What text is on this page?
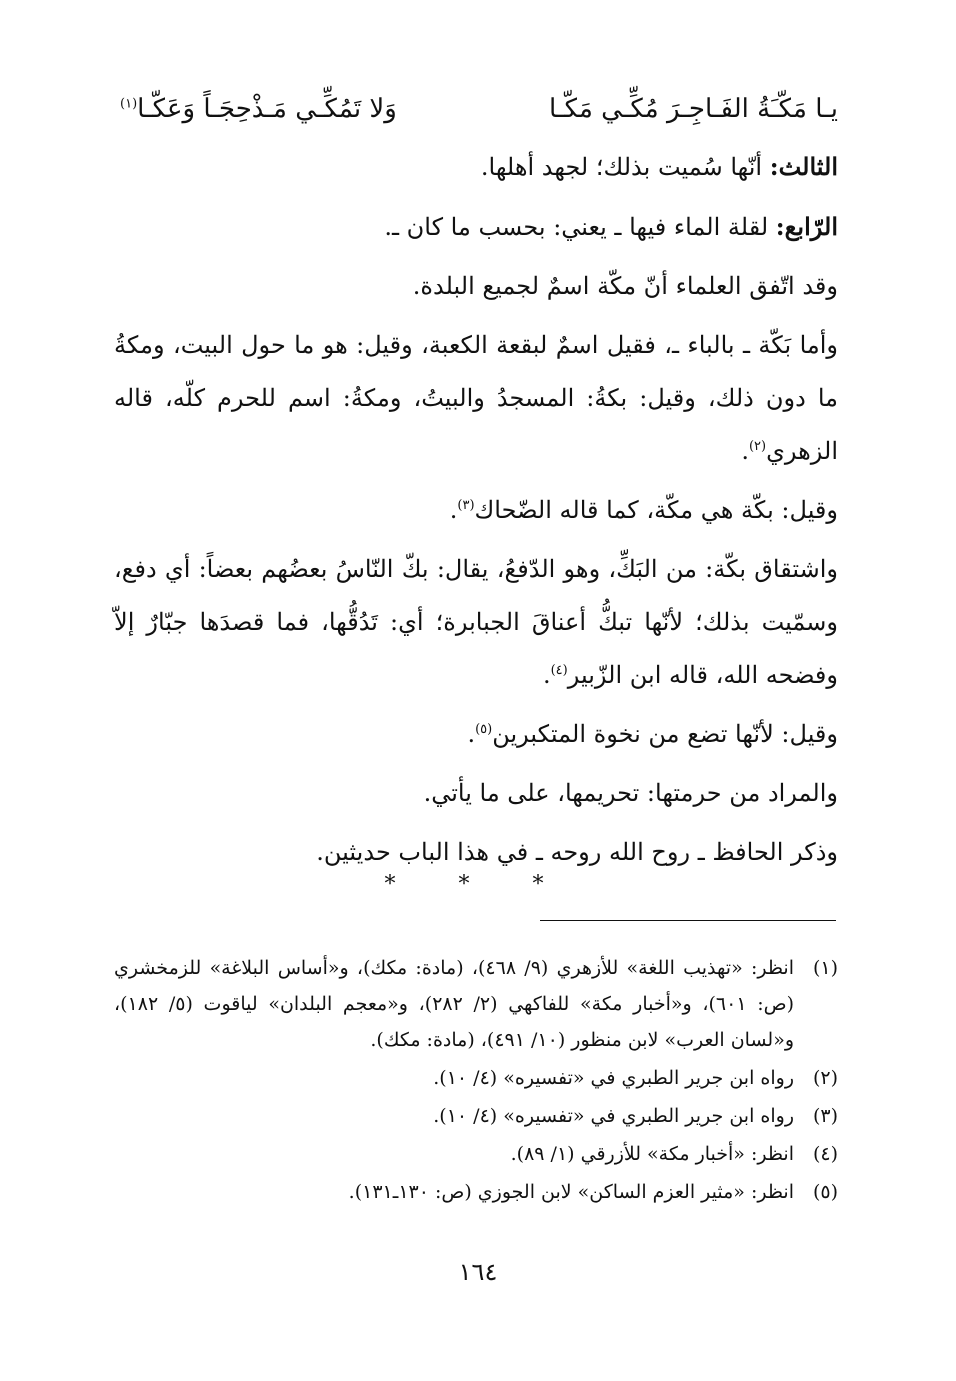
يـا مَكّـَةُ الفَـاجِـرَ مُكِّـي مَكّـا
وَلا تَمُكِّـي مَـذْحِجَـاً وَعَكّـا$^{(١)}$

الثالث: أنّها سُميت بذلك؛ لجهد أهلها.

الرّابع: لقلة الماء فيها ـ يعني: بحسب ما كان ـ.

وقد اتّفق العلماء أنّ مكّة اسمٌ لجميع البلدة.

وأما بَكّة ـ بالباء ـ، فقيل اسمٌ لبقعة الكعبة، وقيل: هو ما حول البيت، ومكةُ ما دون ذلك، وقيل: بكةُ: المسجدُ والبيتُ، ومكةُ: اسم للحرم كلّه، قاله الزهري$^{(٢)}$.

وقيل: بكّة هي مكّة، كما قاله الضّحاك$^{(٣)}$.

واشتقاق بكّة: من البَكِّ، وهو الدّفعُ، يقال: بكّ النّاسُ بعضُهم بعضاً: أي دفع، وسمّيت بذلك؛ لأنّها تبكُّ أعناقَ الجبابرة؛ أي: تَدُقُّها، فما قصدَها جبّارٌ إلاّ وفضحه الله، قاله ابن الزّبير$^{(٤)}$.

وقيل: لأنّها تضع من نخوة المتكبرين$^{(٥)}$.

والمراد من حرمتها: تحريمها، على ما يأتي.

وذكر الحافظ ـ روح الله روحه ـ في هذا الباب حديثين.

* * *
(١)
انظر: «تهذيب اللغة» للأزهري (٩/ ٤٦٨)، (مادة: مكك)، و«أساس البلاغة» للزمخشري (ص: ٦٠١)، و«أخبار مكة» للفاكهي (٢/ ٢٨٢)، و«معجم البلدان» لياقوت (٥/ ١٨٢)، و«لسان العرب» لابن منظور (١٠/ ٤٩١)، (مادة: مكك).
(٢)
رواه ابن جرير الطبري في «تفسيره» (٤/ ١٠).
(٣)
رواه ابن جرير الطبري في «تفسيره» (٤/ ١٠).
(٤)
انظر: «أخبار مكة» للأزرقي (١/ ٨٩).
(٥)
انظر: «مثير العزم الساكن» لابن الجوزي (ص: ١٣٠ـ١٣١).
١٦٤
